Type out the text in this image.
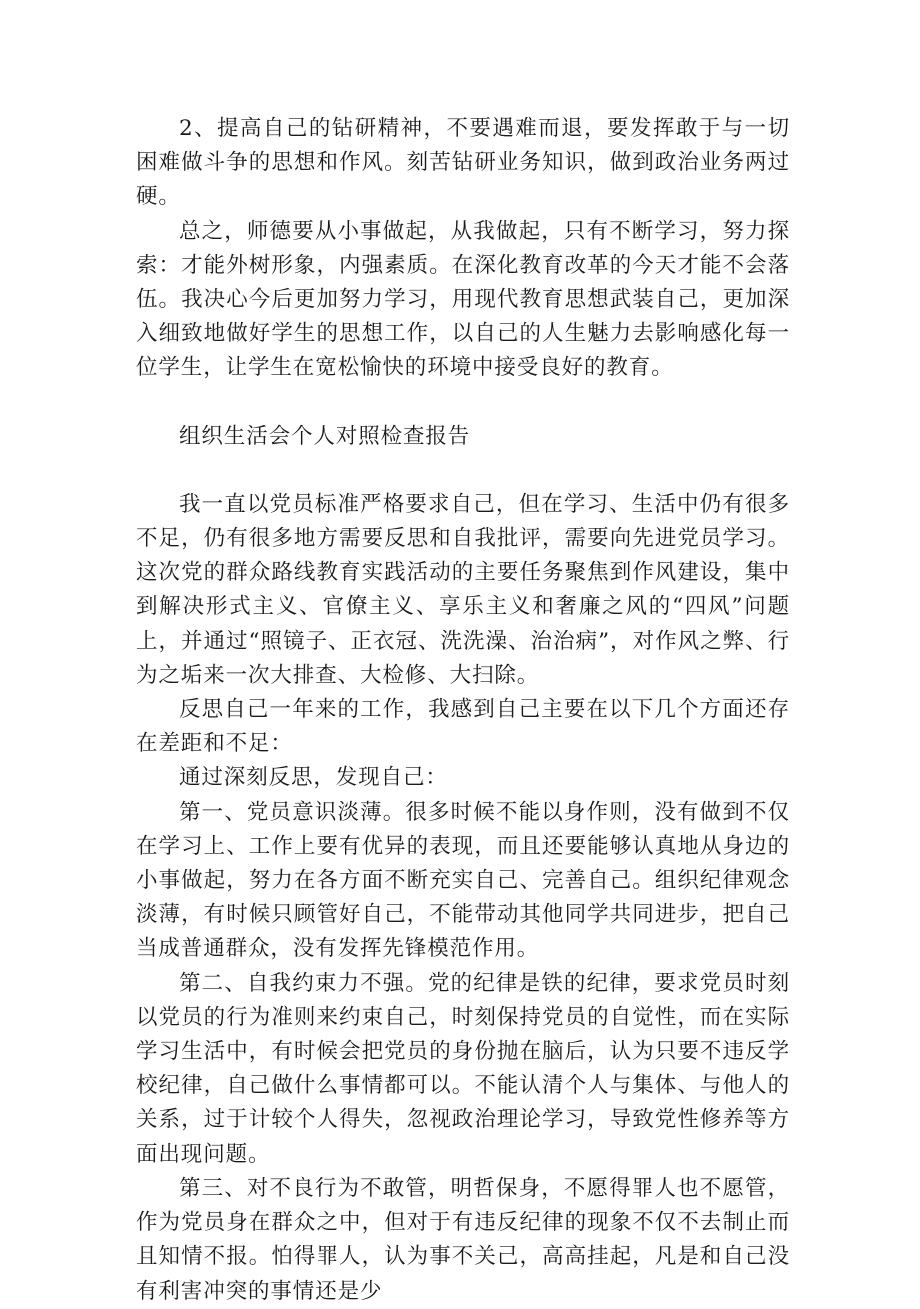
2、提高自己的钻研精神，不要遇难而退，要发挥敢于与一切困难做斗争的思想和作风。刻苦钻研业务知识，做到政治业务两过硬。

总之，师德要从小事做起，从我做起，只有不断学习，努力探索：才能外树形象，内强素质。在深化教育改革的今天才能不会落伍。我决心今后更加努力学习，用现代教育思想武装自己，更加深入细致地做好学生的思想工作，以自己的人生魅力去影响感化每一位学生，让学生在宽松愉快的环境中接受良好的教育。

组织生活会个人对照检查报告

我一直以党员标准严格要求自己，但在学习、生活中仍有很多不足，仍有很多地方需要反思和自我批评，需要向先进党员学习。这次党的群众路线教育实践活动的主要任务聚焦到作风建设，集中到解决形式主义、官僚主义、享乐主义和奢廉之风的“四风”问题上，并通过“照镜子、正衣冠、洗洗澡、治治病”，对作风之弊、行为之垢来一次大排查、大检修、大扫除。

反思自己一年来的工作，我感到自己主要在以下几个方面还存在差距和不足：

通过深刻反思，发现自己：

第一、党员意识淡薄。很多时候不能以身作则，没有做到不仅在学习上、工作上要有优异的表现，而且还要能够认真地从身边的小事做起，努力在各方面不断充实自己、完善自己。组织纪律观念淡薄，有时候只顾管好自己，不能带动其他同学共同进步，把自己当成普通群众，没有发挥先锋模范作用。

第二、自我约束力不强。党的纪律是铁的纪律，要求党员时刻以党员的行为准则来约束自己，时刻保持党员的自觉性，而在实际学习生活中，有时候会把党员的身份抛在脑后，认为只要不违反学校纪律，自己做什么事情都可以。不能认清个人与集体、与他人的关系，过于计较个人得失，忽视政治理论学习，导致党性修养等方面出现问题。

第三、对不良行为不敢管，明哲保身，不愿得罪人也不愿管，作为党员身在群众之中，但对于有违反纪律的现象不仅不去制止而且知情不报。怕得罪人，认为事不关己，高高挂起，凡是和自己没有利害冲突的事情还是少
